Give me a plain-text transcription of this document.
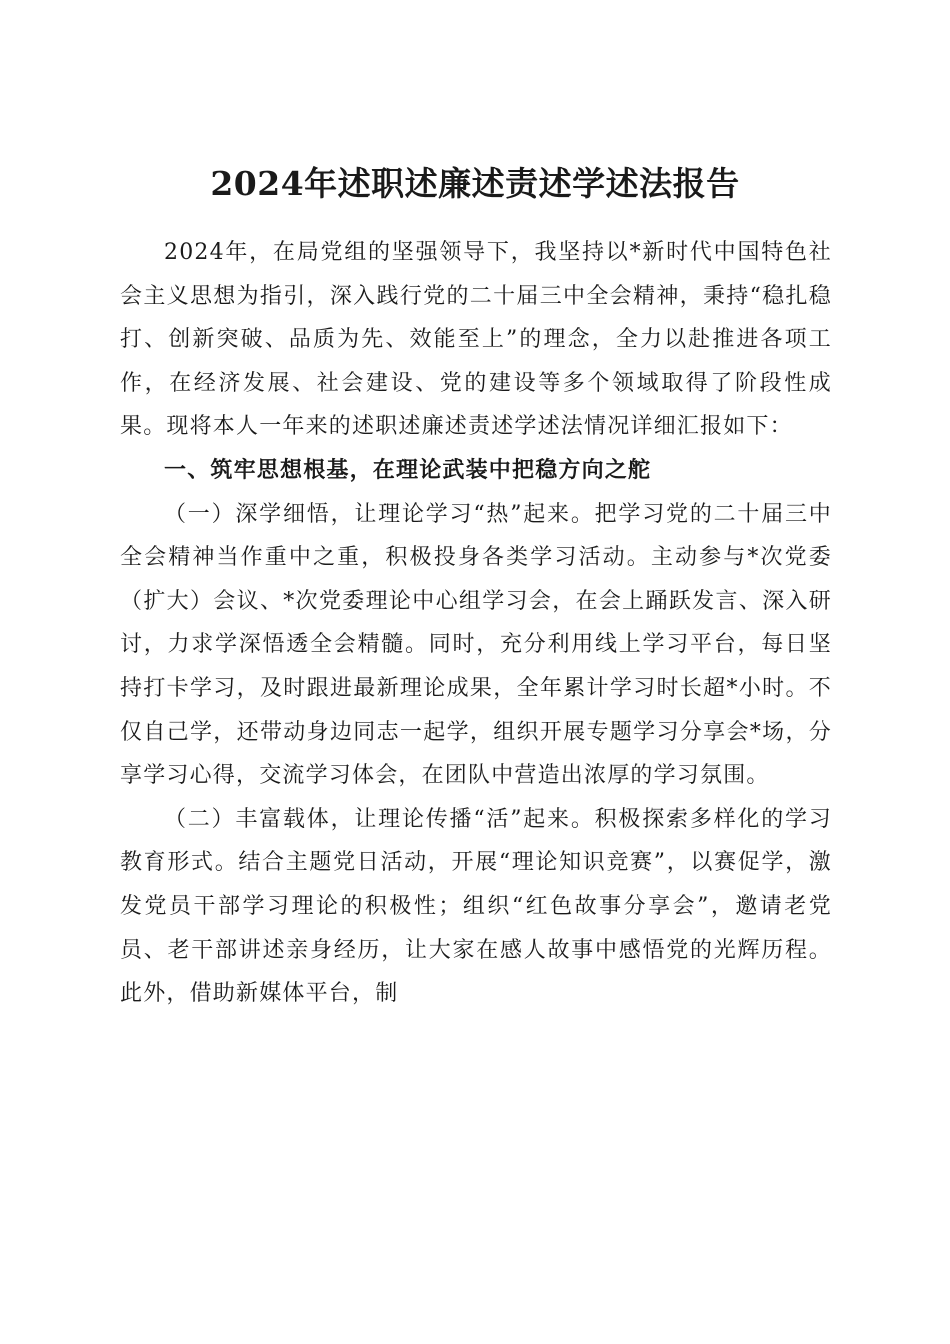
2024年述职述廉述责述学述法报告

2024年，在局党组的坚强领导下，我坚持以*新时代中国特色社会主义思想为指引，深入践行党的二十届三中全会精神，秉持“稳扎稳打、创新突破、品质为先、效能至上”的理念，全力以赴推进各项工作，在经济发展、社会建设、党的建设等多个领域取得了阶段性成果。现将本人一年来的述职述廉述责述学述法情况详细汇报如下：

一、筑牢思想根基，在理论武装中把稳方向之舵

（一）深学细悟，让理论学习“热”起来。把学习党的二十届三中全会精神当作重中之重，积极投身各类学习活动。主动参与*次党委（扩大）会议、*次党委理论中心组学习会，在会上踊跃发言、深入研讨，力求学深悟透全会精髓。同时，充分利用线上学习平台，每日坚持打卡学习，及时跟进最新理论成果，全年累计学习时长超*小时。不仅自己学，还带动身边同志一起学，组织开展专题学习分享会*场，分享学习心得，交流学习体会，在团队中营造出浓厚的学习氛围。

（二）丰富载体，让理论传播“活”起来。积极探索多样化的学习教育形式。结合主题党日活动，开展“理论知识竞赛”，以赛促学，激发党员干部学习理论的积极性；组织“红色故事分享会”，邀请老党员、老干部讲述亲身经历，让大家在感人故事中感悟党的光辉历程。此外，借助新媒体平台，制
